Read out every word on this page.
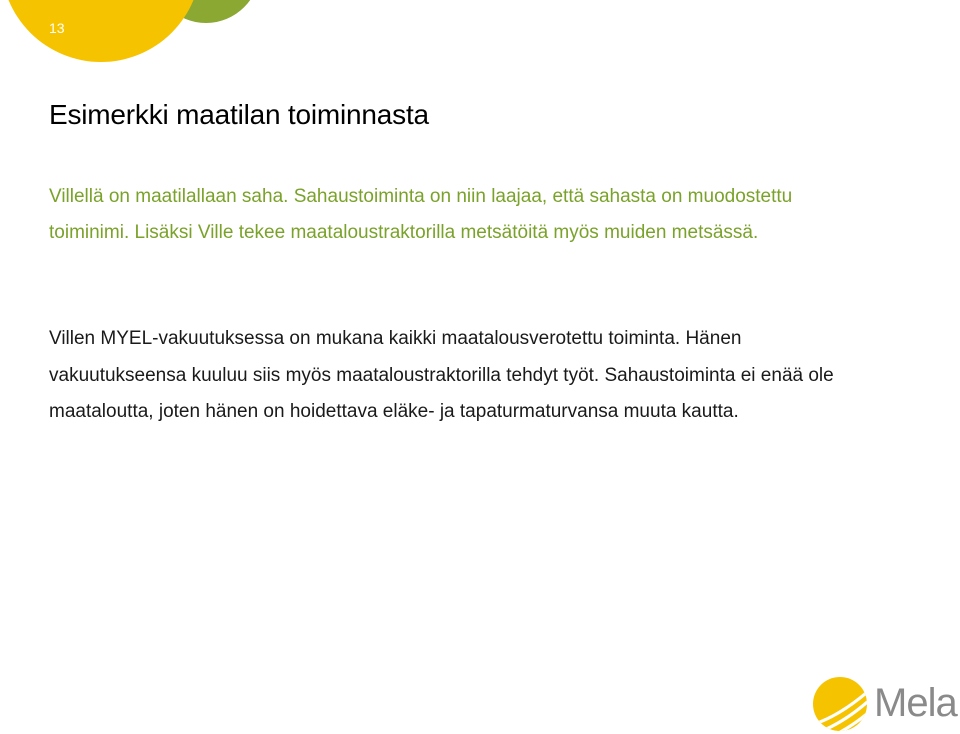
13
Esimerkki maatilan toiminnasta

Villellä on maatilallaan saha. Sahaustoiminta on niin laajaa, että sahasta on muodostettu toiminimi. Lisäksi Ville tekee maataloustraktorilla metsätöitä myös muiden metsässä.

Villen MYEL-vakuutuksessa on mukana kaikki maatalousverotettu toiminta. Hänen vakuutukseensa kuuluu siis myös maataloustraktorilla tehdyt työt. Sahaustoiminta ei enää ole maataloutta, joten hänen on hoidettava eläke- ja tapaturmaturvansa muuta kautta.

Mela
